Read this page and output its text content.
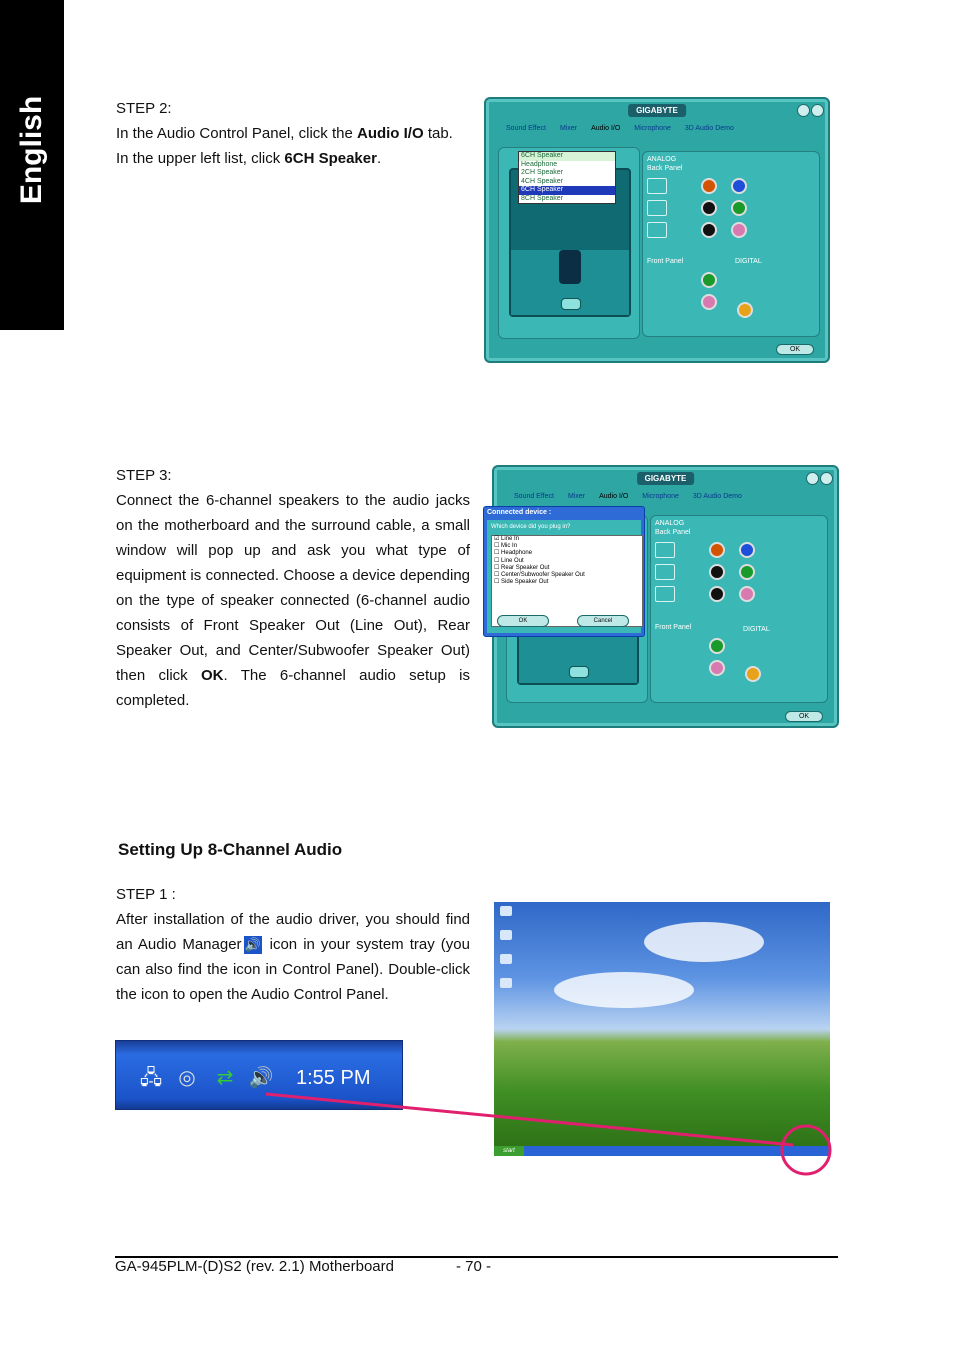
English	STEP 2:

In the Audio Control Panel, click the Audio I/O tab.

In the upper left list, click 6CH Speaker.

GIGABYTE
Sound Effect Mixer Audio I/O Microphone 3D Audio Demo
6CH Speaker
Headphone
2CH Speaker
4CH Speaker
6CH Speaker
8CH Speaker
ANALOG
Back Panel
Front Panel	DIGITAL
OK

STEP 3:

Connect the 6-channel speakers to the audio jacks on the motherboard and the surround cable, a small window will pop up and ask you what type of equipment is connected. Choose a device depending on the type of speaker connected (6-channel audio consists of Front Speaker Out (Line Out), Rear Speaker Out, and Center/Subwoofer Speaker Out) then click OK. The 6-channel audio setup is completed.

GIGABYTE
Sound Effect Mixer Audio I/O Microphone 3D Audio Demo
ANALOG
Back Panel
Front Panel	DIGITAL
OK
Connected device :
Which device did you plug in?
☑ Line In
☐ Mic In
☐ Headphone
☐ Line Out
☐ Rear Speaker Out
☐ Center/Subwoofer Speaker Out
☐ Side Speaker Out
OK	Cancel
Setting Up 8-Channel Audio

STEP 1 :

After installation of the audio driver, you should find an Audio Manager 🔊 icon in your system tray (you can also find the icon in Control Panel). Double-click the icon to open the Audio Control Panel.

🖧 ◎ ⇄ 🔊 1:55 PM
start
GA-945PLM-(D)S2 (rev. 2.1) Motherboard	- 70 -
